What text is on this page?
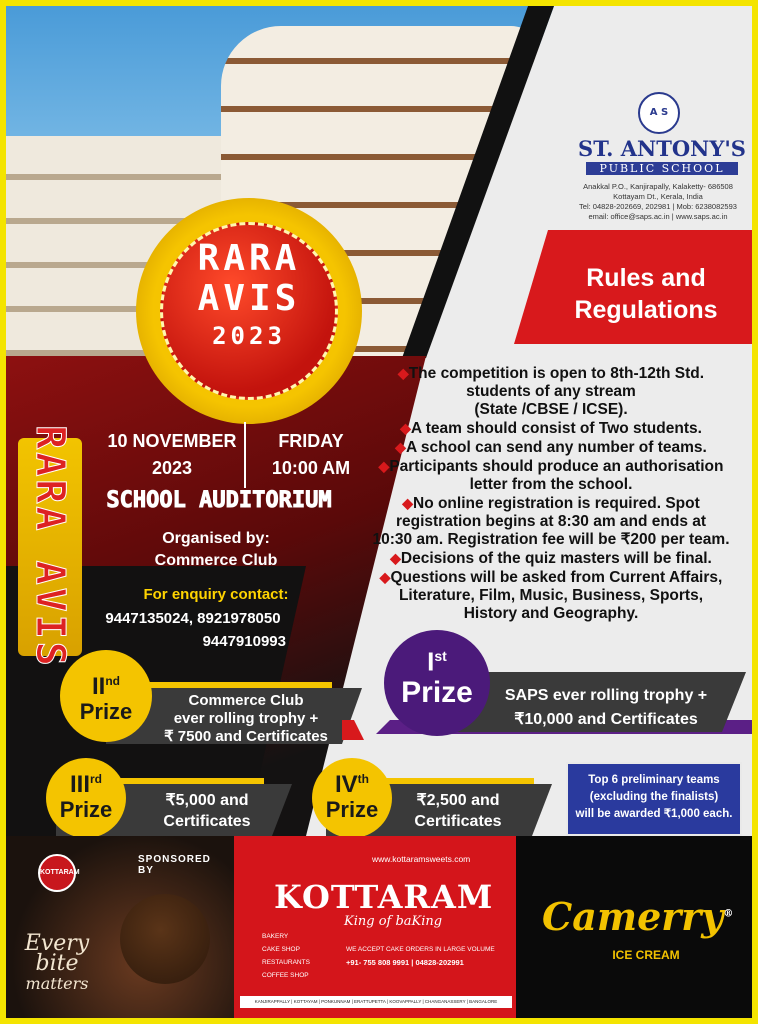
A S
ST. ANTONY'S
PUBLIC SCHOOL
Anakkal P.O., Kanjirapally, Kalaketty- 686508
Kottayam Dt., Kerala, India
Tel: 04828-202669, 202981 | Mob: 6238082593
email: office@saps.ac.in | www.saps.ac.in
RARA
AVIS
2023
RARA AVIS
Rules and
Regulations
◆The competition is open to 8th-12th Std.
students of any stream
(State /CBSE / ICSE).
◆A team should consist of Two students.
◆A school can send any number of teams.
◆Participants should produce an authorisation
letter from the school.
◆No online registration is required. Spot
registration begins at 8:30 am and ends at
10:30 am. Registration fee will be ₹200 per team.
◆Decisions of the quiz masters will be final.
◆Questions will be asked from Current Affairs,
Literature, Film, Music, Business, Sports,
History and Geography.
10 NOVEMBER
2023
FRIDAY
10:00 AM
SCHOOL AUDITORIUM
Organised by:
Commerce Club
For enquiry contact:
9447135024, 8921978050
9447910993
IInd
Prize	Commerce Club
ever rolling trophy +
₹ 7500 and Certificates
Ist
Prize	SAPS ever rolling trophy +
₹10,000 and Certificates
IIIrd
Prize	₹5,000 and
Certificates
IVth
Prize	₹2,500 and
Certificates
Top 6 preliminary teams
(excluding the finalists)
will be awarded ₹1,000 each.
KOTTARAM
Every
bite
matters
SPONSORED BY
www.kottaramsweets.com
KOTTARAM
King of baKing
BAKERY
CAKE SHOP
RESTAURANTS
COFFEE SHOP
WE ACCEPT CAKE ORDERS IN LARGE VOLUME
+91- 755 808 9991 | 04828-202991
KANJIRAPPALLY | KOTTAYAM | PONKUNNAM | ERATTUPETTA | KOOVAPPALLY | CHANGANASSERY | BANGALORE
Camerry®
ICE CREAM
